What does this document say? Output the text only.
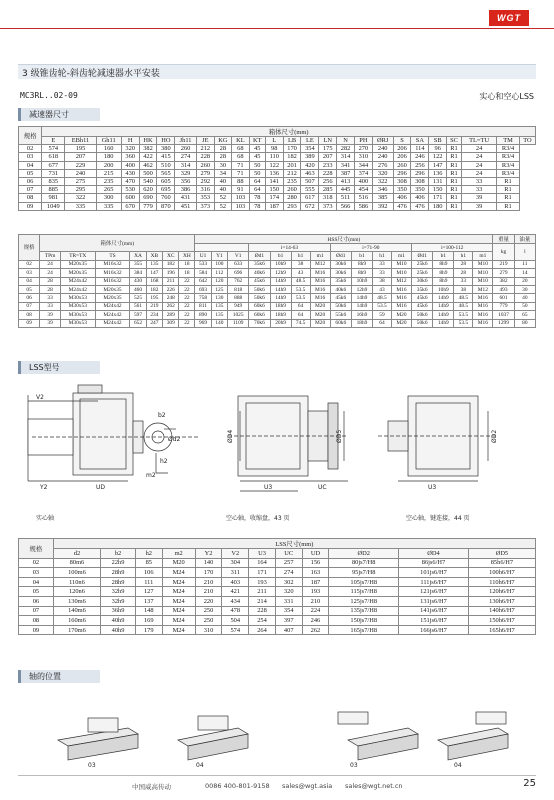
WGT
3 级锥齿轮-斜齿轮减速器水平安装
MC3RL..02-09	实心和空心LSS
减速器尺寸
规格	箱体尺寸(mm)																								
	E	EBh11	Gh11	H	HK	HO	Jh11	JE	KG	KL	KT	L	LB	LE	LN	N	PH	ØRJ	S	SA	SB	SC	TL=TU	TM	TO
02	574	195	160	320	382	380	260	212	28	68	45	98	170	354	175	282	270	240	206	114	96	R1	24	R3/4	
03	618	207	180	360	422	415	274	228	28	68	45	110	182	389	207	314	310	240	206	246	122	R1	24	R3/4	
04	677	229	200	400	462	510	314	260	30	71	50	122	201	420	233	341	344	276	260	256	147	R1	24	R3/4	
05	731	240	215	430	500	565	329	279	34	71	50	136	212	463	228	387	374	320	296	296	136	R1	24	R3/4	
06	835	275	235	470	540	605	356	292	40	88	64	141	235	507	256	413	400	322	308	308	131	R1	33	R1	
07	885	295	265	530	620	695	386	316	40	91	64	150	260	555	285	445	454	346	350	350	150	R1	33	R1	
08	981	322	300	600	690	760	431	353	52	103	78	174	280	617	318	511	516	385	406	406	171	R1	39	R1	
09	1049	335	335	670	779	870	451	373	52	103	78	187	293	672	373	566	586	392	476	476	180	R1	39	R1	
规格	箱体尺寸(mm)							HSS尺寸(mm)															重量	油量
											i=14-63				i=71-90				i=100-112				kg	l
	TPm	TR=TX	TS	XA	XB	XC	XH	U1	Y1	V1	Ød1	b1	h1	m1	Ød1	b1	h1	m1	Ød1	b1	h1	m1		
02	24	M20x35	M16x32	355	135	182	18	533	100	633	35k6	10h9	38	M12	30k6	8h9	33	M10	25k6	8h9	28	M10	219	11
03	24	M20x35	M16x32	384	147	196	18	584	112	696	40k6	12h9	43	M16	30k6	8h9	33	M10	25k6	8h9	28	M10	279	14
04	28	M24x42	M16x32	430	168	211	22	642	120	762	45k6	14h9	48.5	M16	35k6	10h9	38	M12	30k6	8h9	33	M10	382	20
05	28	M24x42	M20x35	460	182	226	22	693	125	818	50k6	14h9	53.5	M16	40k6	12h9	43	M16	35k6	10h9	38	M12	493	30
06	33	M30x53	M20x35	525	195	248	22	758	130	888	50k6	14h9	53.5	M16	45k6	14h9	48.5	M16	45k6	14h9	48.5	M16	601	40
07	33	M30x53	M24x42	561	219	262	22	811	135	949	60k6	18h9	64	M20	50k6	14h9	53.5	M16	45k6	14h9	48.5	M16	779	50
08	39	M30x53	M24x42	597	234	289	22	890	135	1025	60k6	18h9	64	M20	55k6	16h9	59	M20	50k6	14h9	53.5	M16	1037	65
09	39	M30x53	M24x42	652	247	309	22	969	140	1109	70k6	20h9	74.5	M20	60k6	18h9	64	M20	50k6	14h9	53.5	M16	1299	80
LSS型号
V2
b2
Ød2
h2
m2
Y2	UD
ØD4	ØD5
U3	UC	U3
ØD2
实心轴	空心轴，收缩盘，43 页	空心轴，键连接，44 页
规格	LSS尺寸(mm)											
	d2	b2	h2	m2	Y2	V2	U3	UC	UD	ØD2	ØD4	ØD5
02	80m6	22h9	85	M20	140	304	164	257	156	80js7/H8	86js6/H7	85h6/H7
03	100m6	28h9	106	M24	170	311	171	274	163	95js7/H8	101js6/H7	100h6/H7
04	110n6	28h9	111	M24	210	403	193	302	187	105js7/H8	111js6/H7	110h6/H7
05	120n6	32h9	127	M24	210	421	211	320	193	115js7/H8	121js6/H7	120h6/H7
06	130m6	32h9	137	M24	220	434	214	331	210	125js7/H8	131js6/H7	130h6/H7
07	140m6	36h9	148	M24	250	478	228	354	224	135js7/H8	141js6/H7	140h6/H7
08	160m6	40h9	169	M24	250	504	254	397	246	150js7/H8	151js6/H7	150h6/H7
09	170m6	40h9	179	M24	310	574	264	407	262	165js7/H8	166js6/H7	165h6/H7
轴的位置
03	04	03	04
中国威高传动	0086 400-801-9158 sales@wgt.asia sales@wgt.net.cn	25
